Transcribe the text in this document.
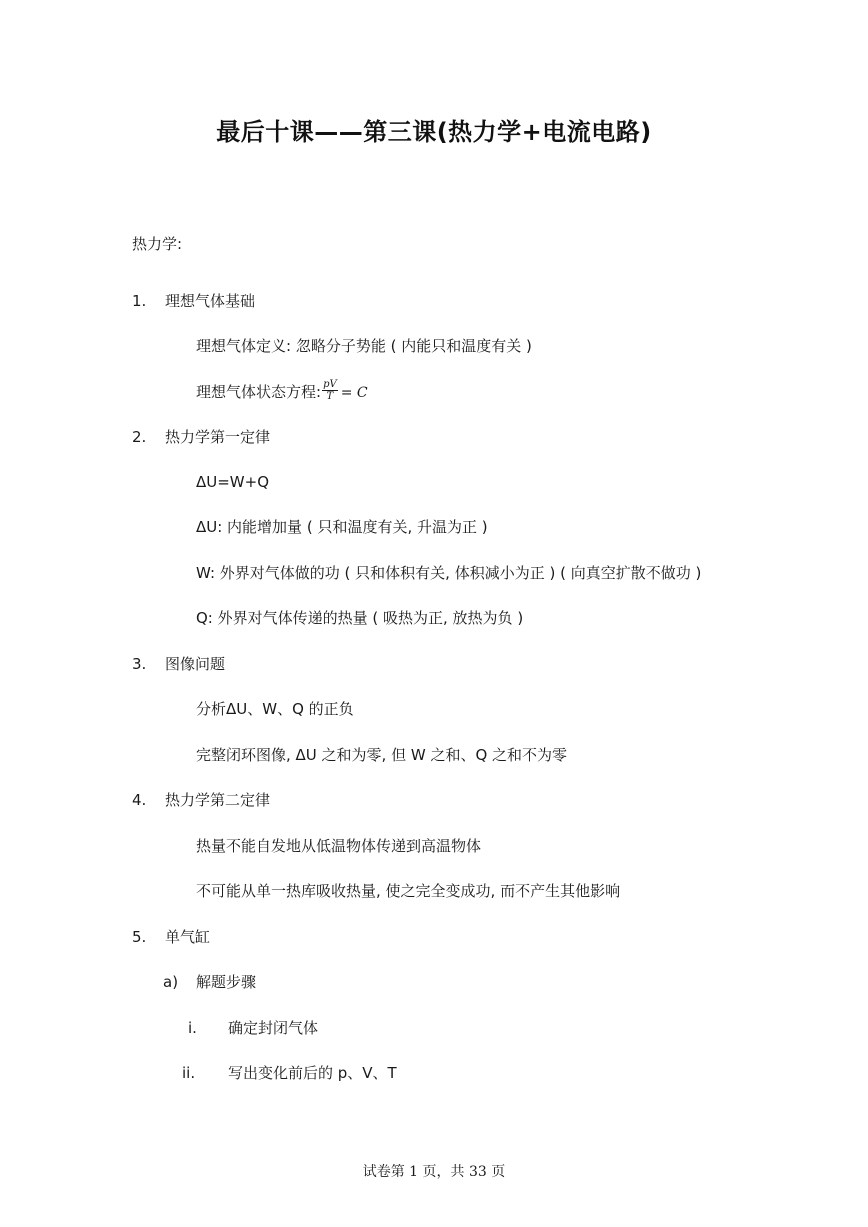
最后十课——第三课(热力学+电流电路)
热力学:
1. 理想气体基础
理想气体定义: 忽略分子势能 ( 内能只和温度有关 )
理想气体状态方程: $\frac{pV}{T} = C$
2. 热力学第一定律
ΔU=W+Q
ΔU: 内能增加量 ( 只和温度有关, 升温为正 )
W: 外界对气体做的功 ( 只和体积有关, 体积减小为正 ) ( 向真空扩散不做功 )
Q: 外界对气体传递的热量 ( 吸热为正, 放热为负 )
3. 图像问题
分析ΔU、W、Q 的正负
完整闭环图像, ΔU 之和为零, 但 W 之和、Q 之和不为零
4. 热力学第二定律
热量不能自发地从低温物体传递到高温物体
不可能从单一热库吸收热量, 使之完全变成功, 而不产生其他影响
5. 单气缸
a) 解题步骤
i. 确定封闭气体
ii. 写出变化前后的 p、V、T
试卷第 1 页，共 33 页
